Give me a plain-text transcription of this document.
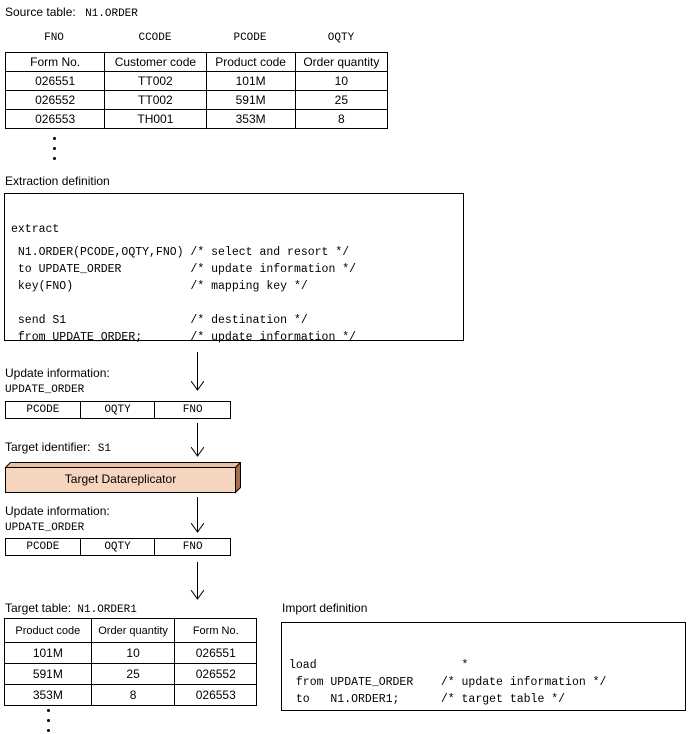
Source table: N1.ORDER
FNO	CCODE	PCODE	OQTY
Form No.	Customer code	Product code	Order quantity
026551	TT002	101M	10
026552	TT002	591M	25
026553	TH001	353M	8
Extraction definition

extract
N1.ORDER(PCODE,OQTY,FNO) /* select and resort */
to UPDATE_ORDER          /* update information */
key(FNO)                 /* mapping key */
send S1                  /* destination */
from UPDATE_ORDER;       /* update information */

Update information:
UPDATE_ORDER
PCODE	OQTY	FNO
Target identifier: S1
Target Datareplicator
Update information:
UPDATE_ORDER
PCODE	OQTY	FNO
Target table: N1.ORDER1
Product code	Order quantity	Form No.
101M	10	026551
591M	25	026552
353M	8	026553
Import definition

load                     *
from UPDATE_ORDER    /* update information */
to   N1.ORDER1;      /* target table */
